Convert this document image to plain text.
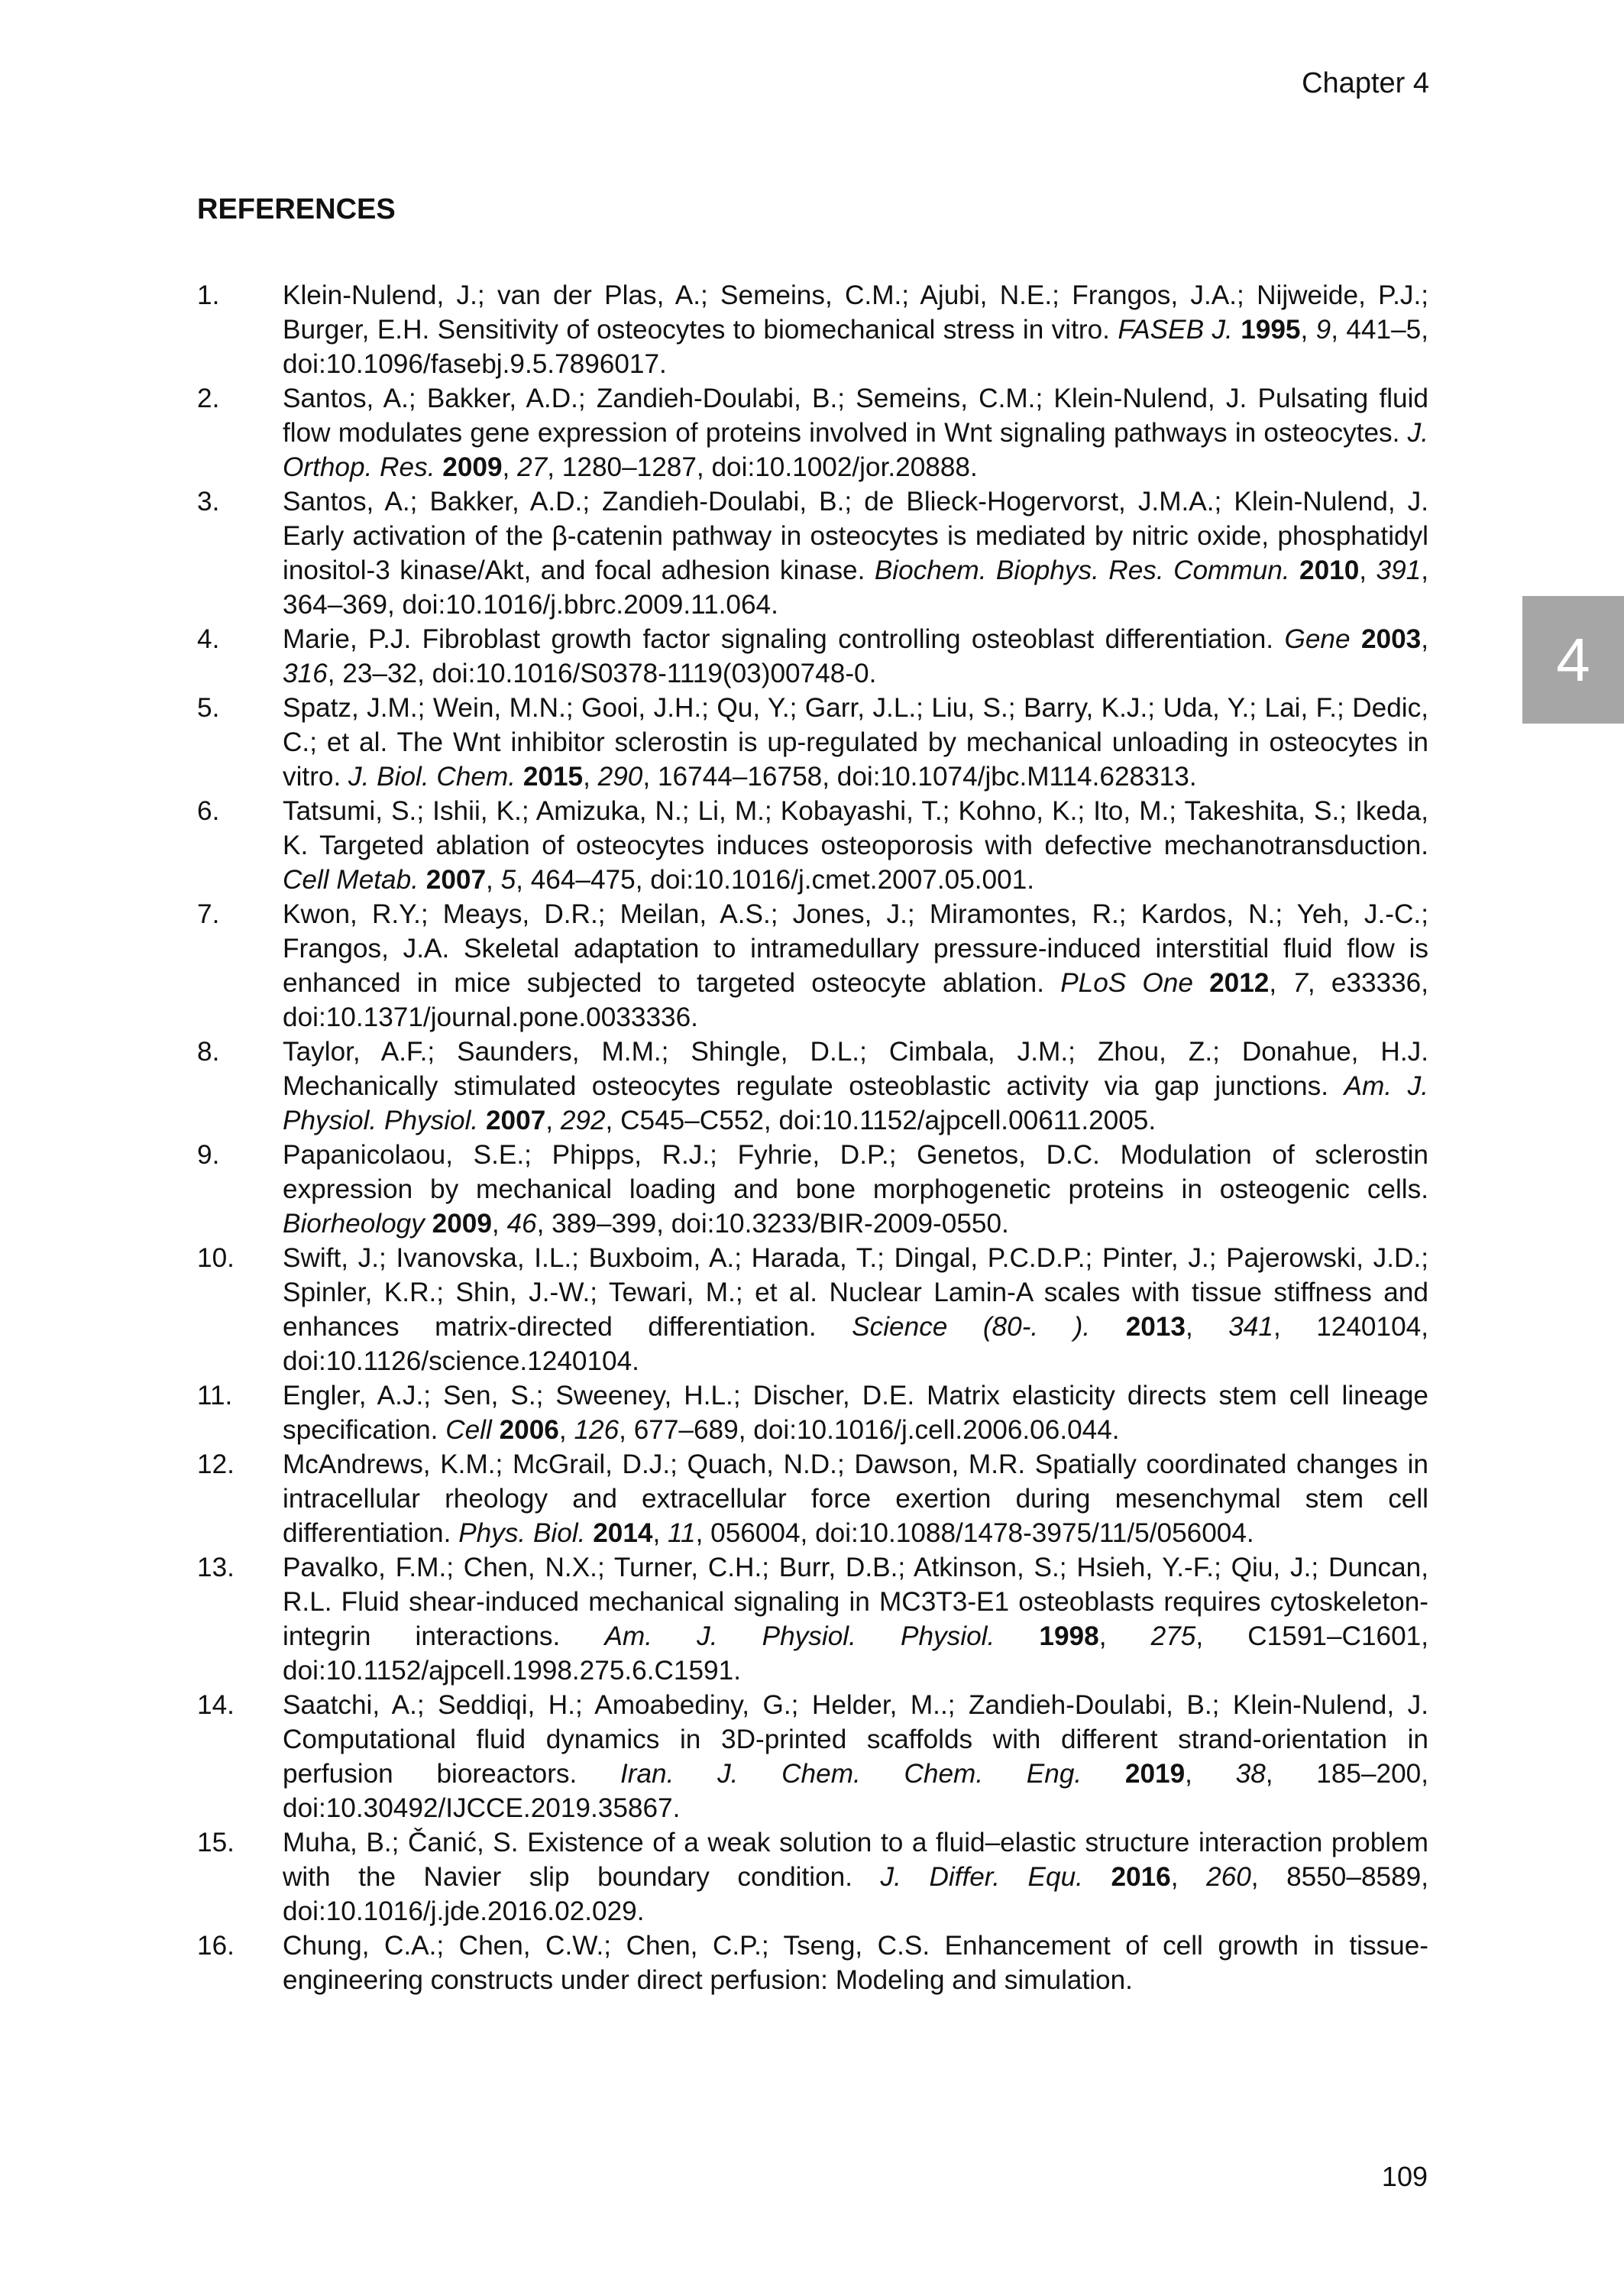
Chapter 4
REFERENCES
1. Klein-Nulend, J.; van der Plas, A.; Semeins, C.M.; Ajubi, N.E.; Frangos, J.A.; Nijweide, P.J.; Burger, E.H. Sensitivity of osteocytes to biomechanical stress in vitro. FASEB J. 1995, 9, 441–5, doi:10.1096/fasebj.9.5.7896017.
2. Santos, A.; Bakker, A.D.; Zandieh-Doulabi, B.; Semeins, C.M.; Klein-Nulend, J. Pulsating fluid flow modulates gene expression of proteins involved in Wnt signaling pathways in osteocytes. J. Orthop. Res. 2009, 27, 1280–1287, doi:10.1002/jor.20888.
3. Santos, A.; Bakker, A.D.; Zandieh-Doulabi, B.; de Blieck-Hogervorst, J.M.A.; Klein-Nulend, J. Early activation of the β-catenin pathway in osteocytes is mediated by nitric oxide, phosphatidyl inositol-3 kinase/Akt, and focal adhesion kinase. Biochem. Biophys. Res. Commun. 2010, 391, 364–369, doi:10.1016/j.bbrc.2009.11.064.
4. Marie, P.J. Fibroblast growth factor signaling controlling osteoblast differentiation. Gene 2003, 316, 23–32, doi:10.1016/S0378-1119(03)00748-0.
5. Spatz, J.M.; Wein, M.N.; Gooi, J.H.; Qu, Y.; Garr, J.L.; Liu, S.; Barry, K.J.; Uda, Y.; Lai, F.; Dedic, C.; et al. The Wnt inhibitor sclerostin is up-regulated by mechanical unloading in osteocytes in vitro. J. Biol. Chem. 2015, 290, 16744–16758, doi:10.1074/jbc.M114.628313.
6. Tatsumi, S.; Ishii, K.; Amizuka, N.; Li, M.; Kobayashi, T.; Kohno, K.; Ito, M.; Takeshita, S.; Ikeda, K. Targeted ablation of osteocytes induces osteoporosis with defective mechanotransduction. Cell Metab. 2007, 5, 464–475, doi:10.1016/j.cmet.2007.05.001.
7. Kwon, R.Y.; Meays, D.R.; Meilan, A.S.; Jones, J.; Miramontes, R.; Kardos, N.; Yeh, J.-C.; Frangos, J.A. Skeletal adaptation to intramedullary pressure-induced interstitial fluid flow is enhanced in mice subjected to targeted osteocyte ablation. PLoS One 2012, 7, e33336, doi:10.1371/journal.pone.0033336.
8. Taylor, A.F.; Saunders, M.M.; Shingle, D.L.; Cimbala, J.M.; Zhou, Z.; Donahue, H.J. Mechanically stimulated osteocytes regulate osteoblastic activity via gap junctions. Am. J. Physiol. Physiol. 2007, 292, C545–C552, doi:10.1152/ajpcell.00611.2005.
9. Papanicolaou, S.E.; Phipps, R.J.; Fyhrie, D.P.; Genetos, D.C. Modulation of sclerostin expression by mechanical loading and bone morphogenetic proteins in osteogenic cells. Biorheology 2009, 46, 389–399, doi:10.3233/BIR-2009-0550.
10. Swift, J.; Ivanovska, I.L.; Buxboim, A.; Harada, T.; Dingal, P.C.D.P.; Pinter, J.; Pajerowski, J.D.; Spinler, K.R.; Shin, J.-W.; Tewari, M.; et al. Nuclear Lamin-A scales with tissue stiffness and enhances matrix-directed differentiation. Science (80-. ). 2013, 341, 1240104, doi:10.1126/science.1240104.
11. Engler, A.J.; Sen, S.; Sweeney, H.L.; Discher, D.E. Matrix elasticity directs stem cell lineage specification. Cell 2006, 126, 677–689, doi:10.1016/j.cell.2006.06.044.
12. McAndrews, K.M.; McGrail, D.J.; Quach, N.D.; Dawson, M.R. Spatially coordinated changes in intracellular rheology and extracellular force exertion during mesenchymal stem cell differentiation. Phys. Biol. 2014, 11, 056004, doi:10.1088/1478-3975/11/5/056004.
13. Pavalko, F.M.; Chen, N.X.; Turner, C.H.; Burr, D.B.; Atkinson, S.; Hsieh, Y.-F.; Qiu, J.; Duncan, R.L. Fluid shear-induced mechanical signaling in MC3T3-E1 osteoblasts requires cytoskeleton-integrin interactions. Am. J. Physiol. Physiol. 1998, 275, C1591–C1601, doi:10.1152/ajpcell.1998.275.6.C1591.
14. Saatchi, A.; Seddiqi, H.; Amoabediny, G.; Helder, M..; Zandieh-Doulabi, B.; Klein-Nulend, J. Computational fluid dynamics in 3D-printed scaffolds with different strand-orientation in perfusion bioreactors. Iran. J. Chem. Chem. Eng. 2019, 38, 185–200, doi:10.30492/IJCCE.2019.35867.
15. Muha, B.; Čanić, S. Existence of a weak solution to a fluid–elastic structure interaction problem with the Navier slip boundary condition. J. Differ. Equ. 2016, 260, 8550–8589, doi:10.1016/j.jde.2016.02.029.
16. Chung, C.A.; Chen, C.W.; Chen, C.P.; Tseng, C.S. Enhancement of cell growth in tissue-engineering constructs under direct perfusion: Modeling and simulation.
4
109
